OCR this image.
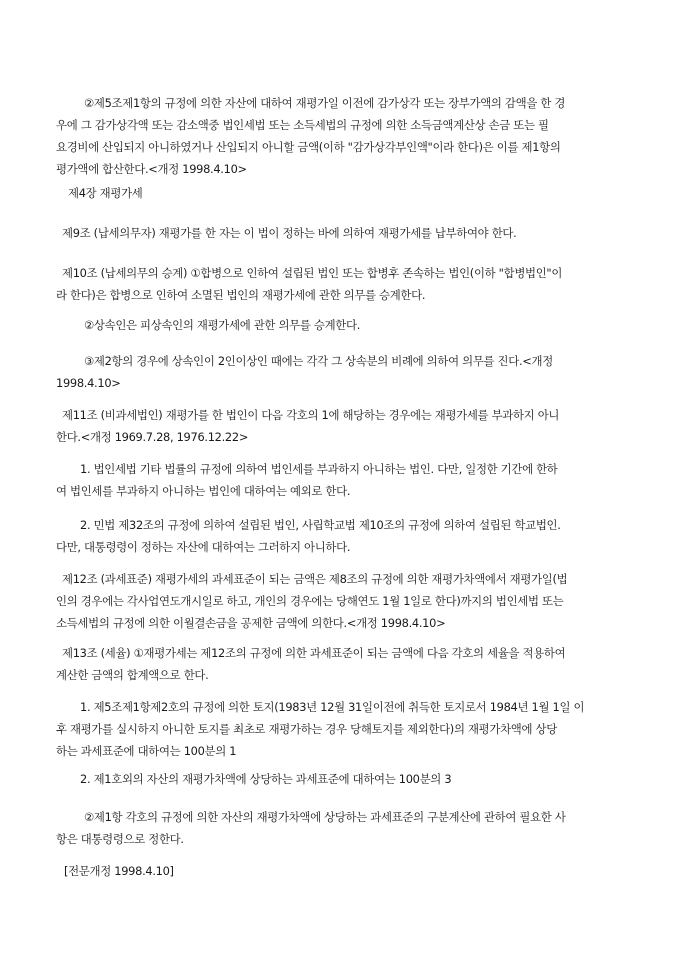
②제5조제1항의 규정에 의한 자산에 대하여 재평가일 이전에 감가상각 또는 장부가액의 감액을 한 경
우에 그 감가상각액 또는 감소액중 법인세법 또는 소득세법의 규정에 의한 소득금액계산상 손금 또는 필
요경비에 산입되지 아니하였거나 산입되지 아니할 금액(이하 "감가상각부인액"이라 한다)은 이를 제1항의
평가액에 합산한다.<개정 1998.4.10>
제4장 재평가세
제9조 (납세의무자) 재평가를 한 자는 이 법이 정하는 바에 의하여 재평가세를 납부하여야 한다.
제10조 (납세의무의 승계) ①합병으로 인하여 설립된 법인 또는 합병후 존속하는 법인(이하 "합병법인"이
라 한다)은 합병으로 인하여 소멸된 법인의 재평가세에 관한 의무를 승계한다.
②상속인은 피상속인의 재평가세에 관한 의무를 승계한다.
③제2항의 경우에 상속인이 2인이상인 때에는 각각 그 상속분의 비례에 의하여 의무를 진다.<개정
1998.4.10>
제11조 (비과세법인) 재평가를 한 법인이 다음 각호의 1에 해당하는 경우에는 재평가세를 부과하지 아니
한다.<개정 1969.7.28, 1976.12.22>
1. 법인세법 기타 법률의 규정에 의하여 법인세를 부과하지 아니하는 법인. 다만, 일정한 기간에 한하
여 법인세를 부과하지 아니하는 법인에 대하여는 예외로 한다.
2. 민법 제32조의 규정에 의하여 설립된 법인, 사립학교법 제10조의 규정에 의하여 설립된 학교법인.
다만, 대통령령이 정하는 자산에 대하여는 그러하지 아니하다.
제12조 (과세표준) 재평가세의 과세표준이 되는 금액은 제8조의 규정에 의한 재평가차액에서 재평가일(법
인의 경우에는 각사업연도개시일로 하고, 개인의 경우에는 당해연도 1월 1일로 한다)까지의 법인세법 또는
소득세법의 규정에 의한 이월결손금을 공제한 금액에 의한다.<개정 1998.4.10>
제13조 (세율) ①재평가세는 제12조의 규정에 의한 과세표준이 되는 금액에 다음 각호의 세율을 적용하여
계산한 금액의 합계액으로 한다.
1. 제5조제1항제2호의 규정에 의한 토지(1983년 12월 31일이전에 취득한 토지로서 1984년 1월 1일 이
후 재평가를 실시하지 아니한 토지를 최초로 재평가하는 경우 당해토지를 제외한다)의 재평가차액에 상당
하는 과세표준에 대하여는 100분의 1
2. 제1호외의 자산의 재평가차액에 상당하는 과세표준에 대하여는 100분의 3
②제1항 각호의 규정에 의한 자산의 재평가차액에 상당하는 과세표준의 구분계산에 관하여 필요한 사
항은 대통령령으로 정한다.
[전문개정 1998.4.10]
